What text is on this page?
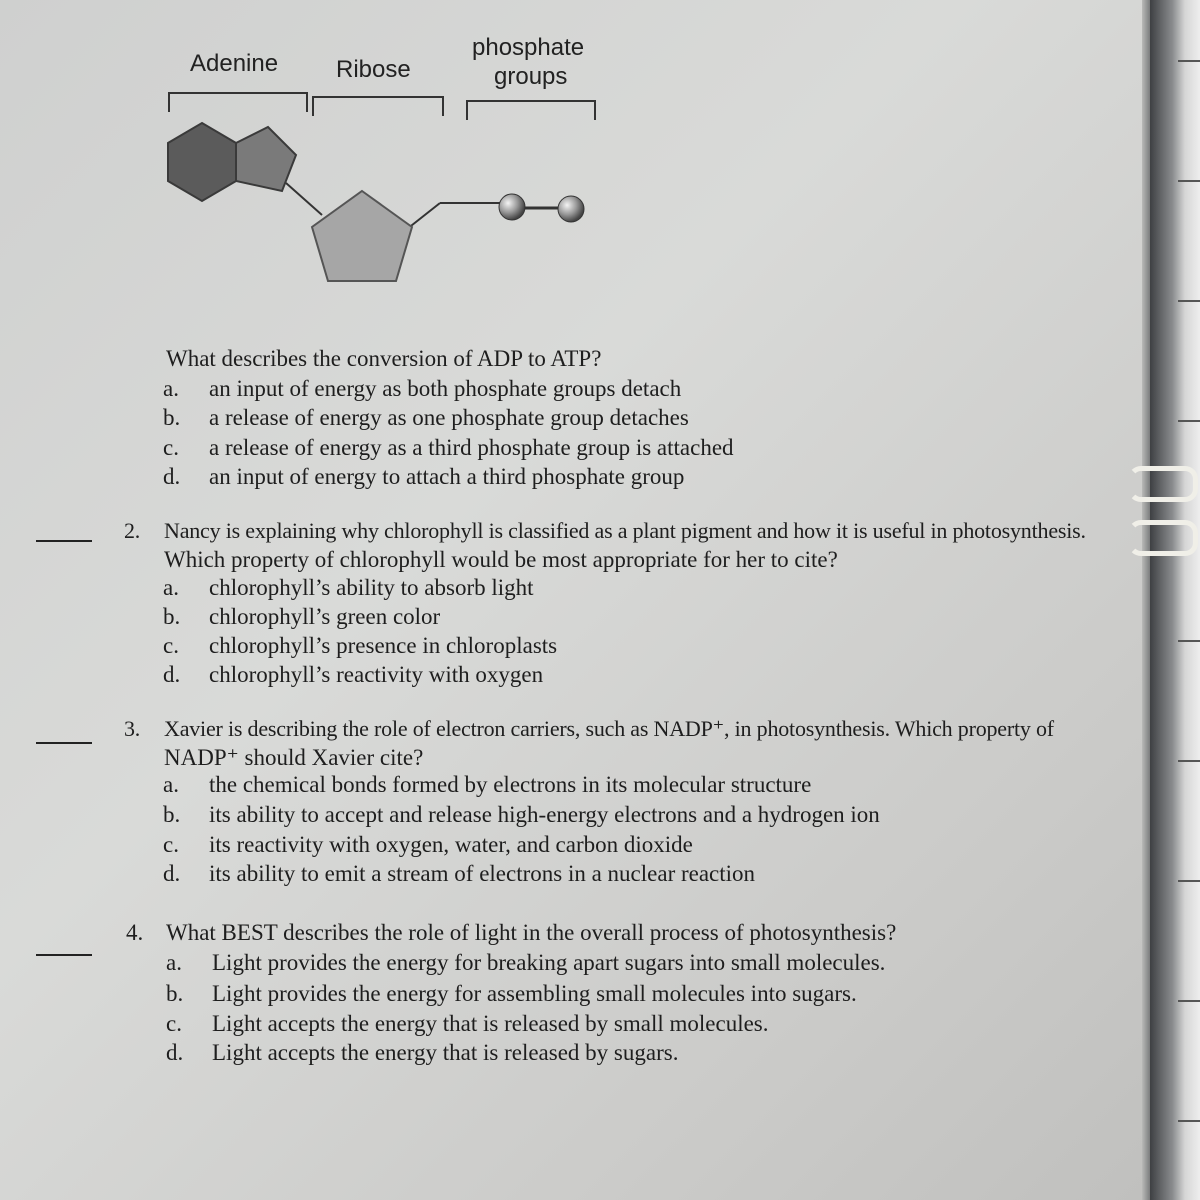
Adenine Ribose
phosphate
groups
What describes the conversion of ADP to ATP?
a. an input of energy as both phosphate groups detach
b. a release of energy as one phosphate group detaches
c. a release of energy as a third phosphate group is attached
d. an input of energy to attach a third phosphate group
2. Nancy is explaining why chlorophyll is classified as a plant pigment and how it is useful in photosynthesis.
Which property of chlorophyll would be most appropriate for her to cite?
a. chlorophyll’s ability to absorb light
b. chlorophyll’s green color
c. chlorophyll’s presence in chloroplasts
d. chlorophyll’s reactivity with oxygen
3. Xavier is describing the role of electron carriers, such as NADP⁺, in photosynthesis. Which property of
NADP⁺ should Xavier cite?
a. the chemical bonds formed by electrons in its molecular structure
b. its ability to accept and release high-energy electrons and a hydrogen ion
c. its reactivity with oxygen, water, and carbon dioxide
d. its ability to emit a stream of electrons in a nuclear reaction
4. What BEST describes the role of light in the overall process of photosynthesis?
a. Light provides the energy for breaking apart sugars into small molecules.
b. Light provides the energy for assembling small molecules into sugars.
c. Light accepts the energy that is released by small molecules.
d. Light accepts the energy that is released by sugars.
